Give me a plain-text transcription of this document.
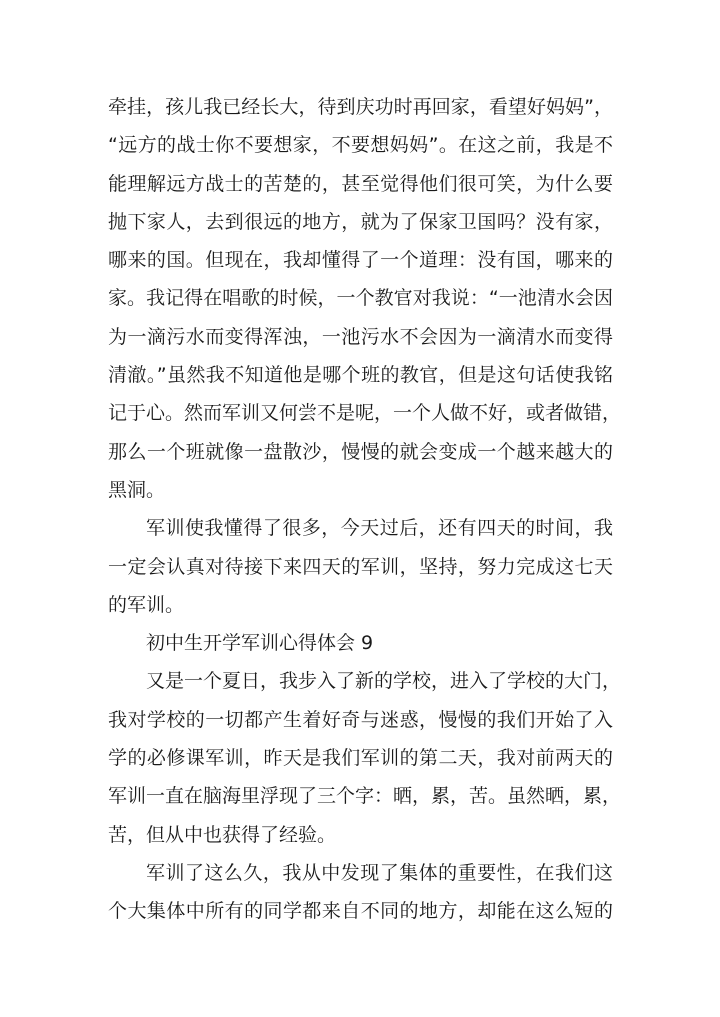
牵挂，孩儿我已经长大，待到庆功时再回家，看望好妈妈”，
“远方的战士你不要想家，不要想妈妈”。在这之前，我是不
能理解远方战士的苦楚的，甚至觉得他们很可笑，为什么要
抛下家人，去到很远的地方，就为了保家卫国吗？没有家，
哪来的国。但现在，我却懂得了一个道理：没有国，哪来的
家。我记得在唱歌的时候，一个教官对我说：“一池清水会因
为一滴污水而变得浑浊，一池污水不会因为一滴清水而变得
清澈。”虽然我不知道他是哪个班的教官，但是这句话使我铭
记于心。然而军训又何尝不是呢，一个人做不好，或者做错，
那么一个班就像一盘散沙，慢慢的就会变成一个越来越大的
黑洞。
军训使我懂得了很多，今天过后，还有四天的时间，我
一定会认真对待接下来四天的军训，坚持，努力完成这七天
的军训。
初中生开学军训心得体会 9
又是一个夏日，我步入了新的学校，进入了学校的大门，
我对学校的一切都产生着好奇与迷惑，慢慢的我们开始了入
学的必修课军训，昨天是我们军训的第二天，我对前两天的
军训一直在脑海里浮现了三个字：晒，累，苦。虽然晒，累，
苦，但从中也获得了经验。
军训了这么久，我从中发现了集体的重要性，在我们这
个大集体中所有的同学都来自不同的地方，却能在这么短的
